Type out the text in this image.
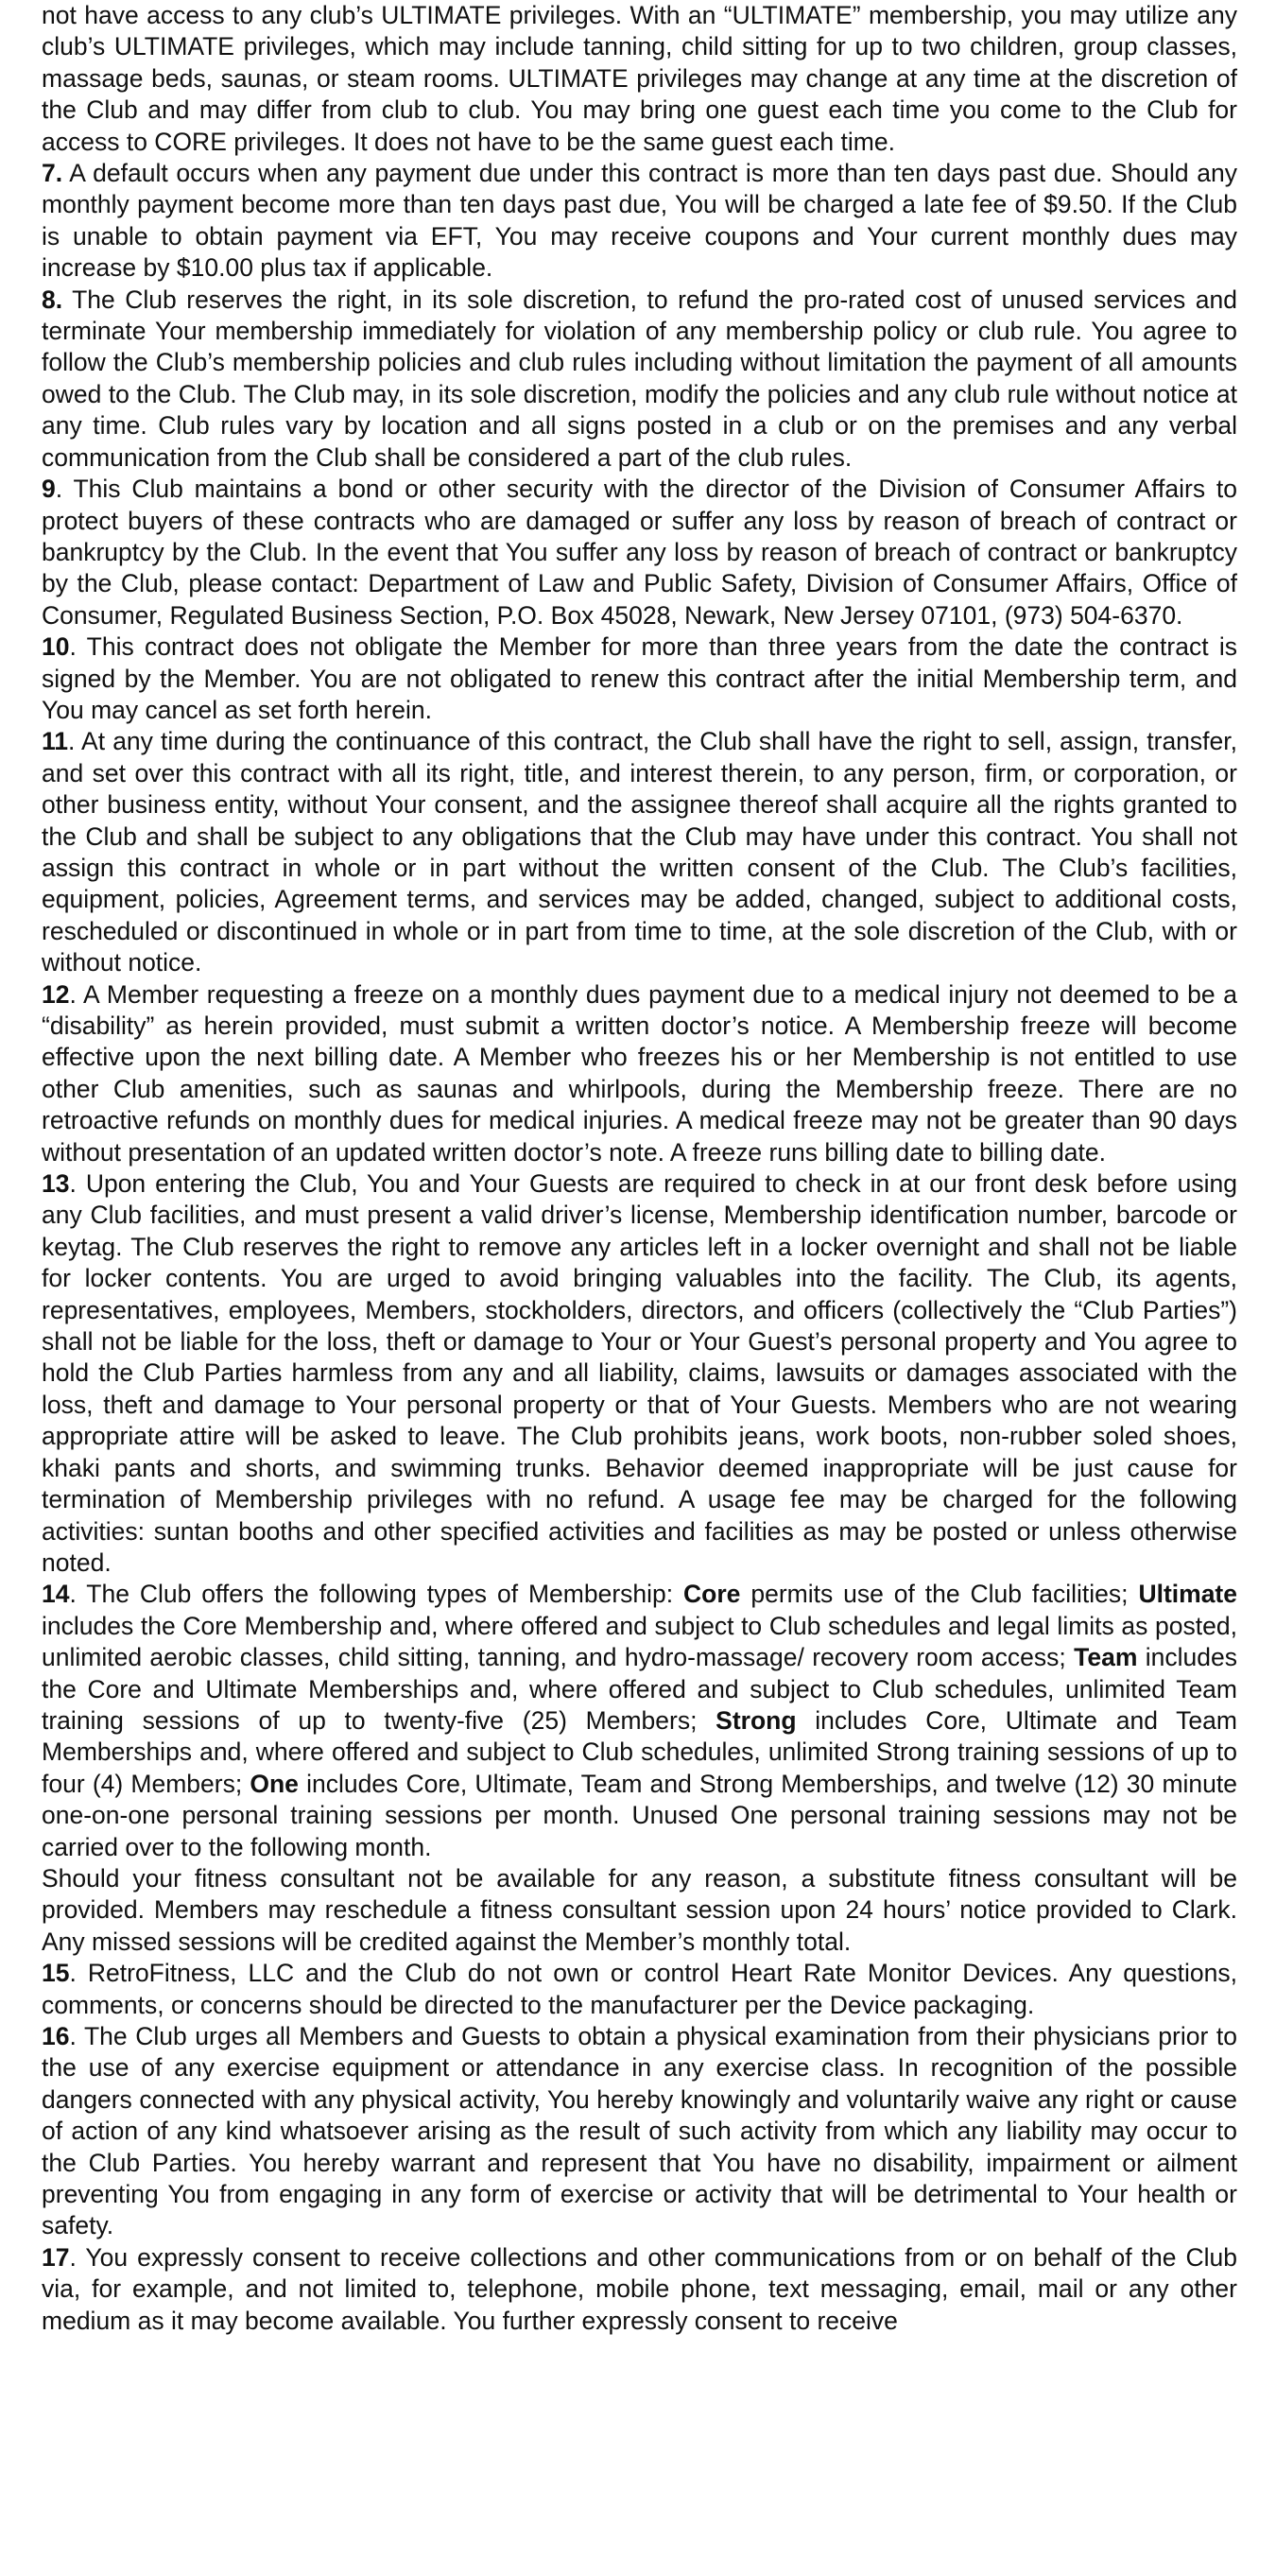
not have access to any club’s ULTIMATE privileges. With an “ULTIMATE” membership, you may utilize any club’s ULTIMATE privileges, which may include tanning, child sitting for up to two children, group classes, massage beds, saunas, or steam rooms. ULTIMATE privileges may change at any time at the discretion of the Club and may differ from club to club. You may bring one guest each time you come to the Club for access to CORE privileges. It does not have to be the same guest each time.

7. A default occurs when any payment due under this contract is more than ten days past due. Should any monthly payment become more than ten days past due, You will be charged a late fee of $9.50. If the Club is unable to obtain payment via EFT, You may receive coupons and Your current monthly dues may increase by $10.00 plus tax if applicable.

8. The Club reserves the right, in its sole discretion, to refund the pro-rated cost of unused services and terminate Your membership immediately for violation of any membership policy or club rule. You agree to follow the Club’s membership policies and club rules including without limitation the payment of all amounts owed to the Club. The Club may, in its sole discretion, modify the policies and any club rule without notice at any time. Club rules vary by location and all signs posted in a club or on the premises and any verbal communication from the Club shall be considered a part of the club rules.

9. This Club maintains a bond or other security with the director of the Division of Consumer Affairs to protect buyers of these contracts who are damaged or suffer any loss by reason of breach of contract or bankruptcy by the Club. In the event that You suffer any loss by reason of breach of contract or bankruptcy by the Club, please contact: Department of Law and Public Safety, Division of Consumer Affairs, Office of Consumer, Regulated Business Section, P.O. Box 45028, Newark, New Jersey 07101, (973) 504-6370.

10. This contract does not obligate the Member for more than three years from the date the contract is signed by the Member. You are not obligated to renew this contract after the initial Membership term, and You may cancel as set forth herein.

11. At any time during the continuance of this contract, the Club shall have the right to sell, assign, transfer, and set over this contract with all its right, title, and interest therein, to any person, firm, or corporation, or other business entity, without Your consent, and the assignee thereof shall acquire all the rights granted to the Club and shall be subject to any obligations that the Club may have under this contract. You shall not assign this contract in whole or in part without the written consent of the Club. The Club’s facilities, equipment, policies, Agreement terms, and services may be added, changed, subject to additional costs, rescheduled or discontinued in whole or in part from time to time, at the sole discretion of the Club, with or without notice.

12. A Member requesting a freeze on a monthly dues payment due to a medical injury not deemed to be a “disability” as herein provided, must submit a written doctor’s notice. A Membership freeze will become effective upon the next billing date. A Member who freezes his or her Membership is not entitled to use other Club amenities, such as saunas and whirlpools, during the Membership freeze. There are no retroactive refunds on monthly dues for medical injuries. A medical freeze may not be greater than 90 days without presentation of an updated written doctor’s note. A freeze runs billing date to billing date.

13. Upon entering the Club, You and Your Guests are required to check in at our front desk before using any Club facilities, and must present a valid driver’s license, Membership identification number, barcode or keytag. The Club reserves the right to remove any articles left in a locker overnight and shall not be liable for locker contents. You are urged to avoid bringing valuables into the facility. The Club, its agents, representatives, employees, Members, stockholders, directors, and officers (collectively the “Club Parties”) shall not be liable for the loss, theft or damage to Your or Your Guest’s personal property and You agree to hold the Club Parties harmless from any and all liability, claims, lawsuits or damages associated with the loss, theft and damage to Your personal property or that of Your Guests. Members who are not wearing appropriate attire will be asked to leave. The Club prohibits jeans, work boots, non-rubber soled shoes, khaki pants and shorts, and swimming trunks. Behavior deemed inappropriate will be just cause for termination of Membership privileges with no refund. A usage fee may be charged for the following activities: suntan booths and other specified activities and facilities as may be posted or unless otherwise noted.

14. The Club offers the following types of Membership: Core permits use of the Club facilities; Ultimate includes the Core Membership and, where offered and subject to Club schedules and legal limits as posted, unlimited aerobic classes, child sitting, tanning, and hydro-massage/ recovery room access; Team includes the Core and Ultimate Memberships and, where offered and subject to Club schedules, unlimited Team training sessions of up to twenty-five (25) Members; Strong includes Core, Ultimate and Team Memberships and, where offered and subject to Club schedules, unlimited Strong training sessions of up to four (4) Members; One includes Core, Ultimate, Team and Strong Memberships, and twelve (12) 30 minute one-on-one personal training sessions per month. Unused One personal training sessions may not be carried over to the following month.

Should your fitness consultant not be available for any reason, a substitute fitness consultant will be provided. Members may reschedule a fitness consultant session upon 24 hours’ notice provided to Clark. Any missed sessions will be credited against the Member’s monthly total.

15. RetroFitness, LLC and the Club do not own or control Heart Rate Monitor Devices. Any questions, comments, or concerns should be directed to the manufacturer per the Device packaging.

16. The Club urges all Members and Guests to obtain a physical examination from their physicians prior to the use of any exercise equipment or attendance in any exercise class. In recognition of the possible dangers connected with any physical activity, You hereby knowingly and voluntarily waive any right or cause of action of any kind whatsoever arising as the result of such activity from which any liability may occur to the Club Parties. You hereby warrant and represent that You have no disability, impairment or ailment preventing You from engaging in any form of exercise or activity that will be detrimental to Your health or safety.

17. You expressly consent to receive collections and other communications from or on behalf of the Club via, for example, and not limited to, telephone, mobile phone, text messaging, email, mail or any other medium as it may become available. You further expressly consent to receive
